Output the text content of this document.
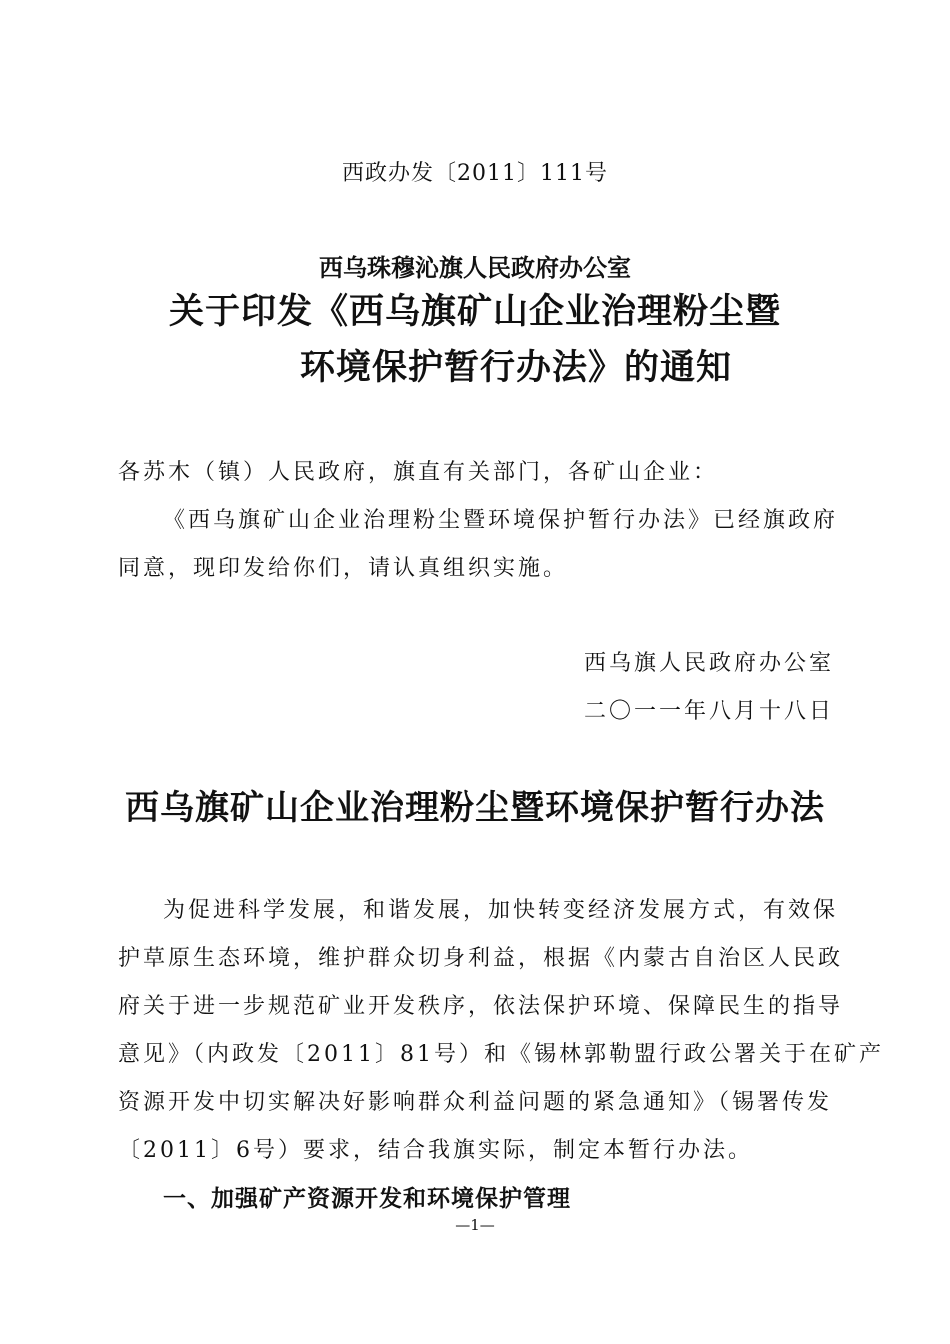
西政办发〔2011〕111号
西乌珠穆沁旗人民政府办公室
关于印发《西乌旗矿山企业治理粉尘暨
环境保护暂行办法》的通知
各苏木（镇）人民政府，旗直有关部门，各矿山企业：
《西乌旗矿山企业治理粉尘暨环境保护暂行办法》已经旗政府
同意，现印发给你们，请认真组织实施。
西乌旗人民政府办公室
二〇一一年八月十八日
西乌旗矿山企业治理粉尘暨环境保护暂行办法
为促进科学发展，和谐发展，加快转变经济发展方式，有效保
护草原生态环境，维护群众切身利益，根据《内蒙古自治区人民政
府关于进一步规范矿业开发秩序，依法保护环境、保障民生的指导
意见》（内政发〔2011〕81号）和《锡林郭勒盟行政公署关于在矿产
资源开发中切实解决好影响群众利益问题的紧急通知》（锡署传发
〔2011〕6号）要求，结合我旗实际，制定本暂行办法。
一、加强矿产资源开发和环境保护管理
—1—
